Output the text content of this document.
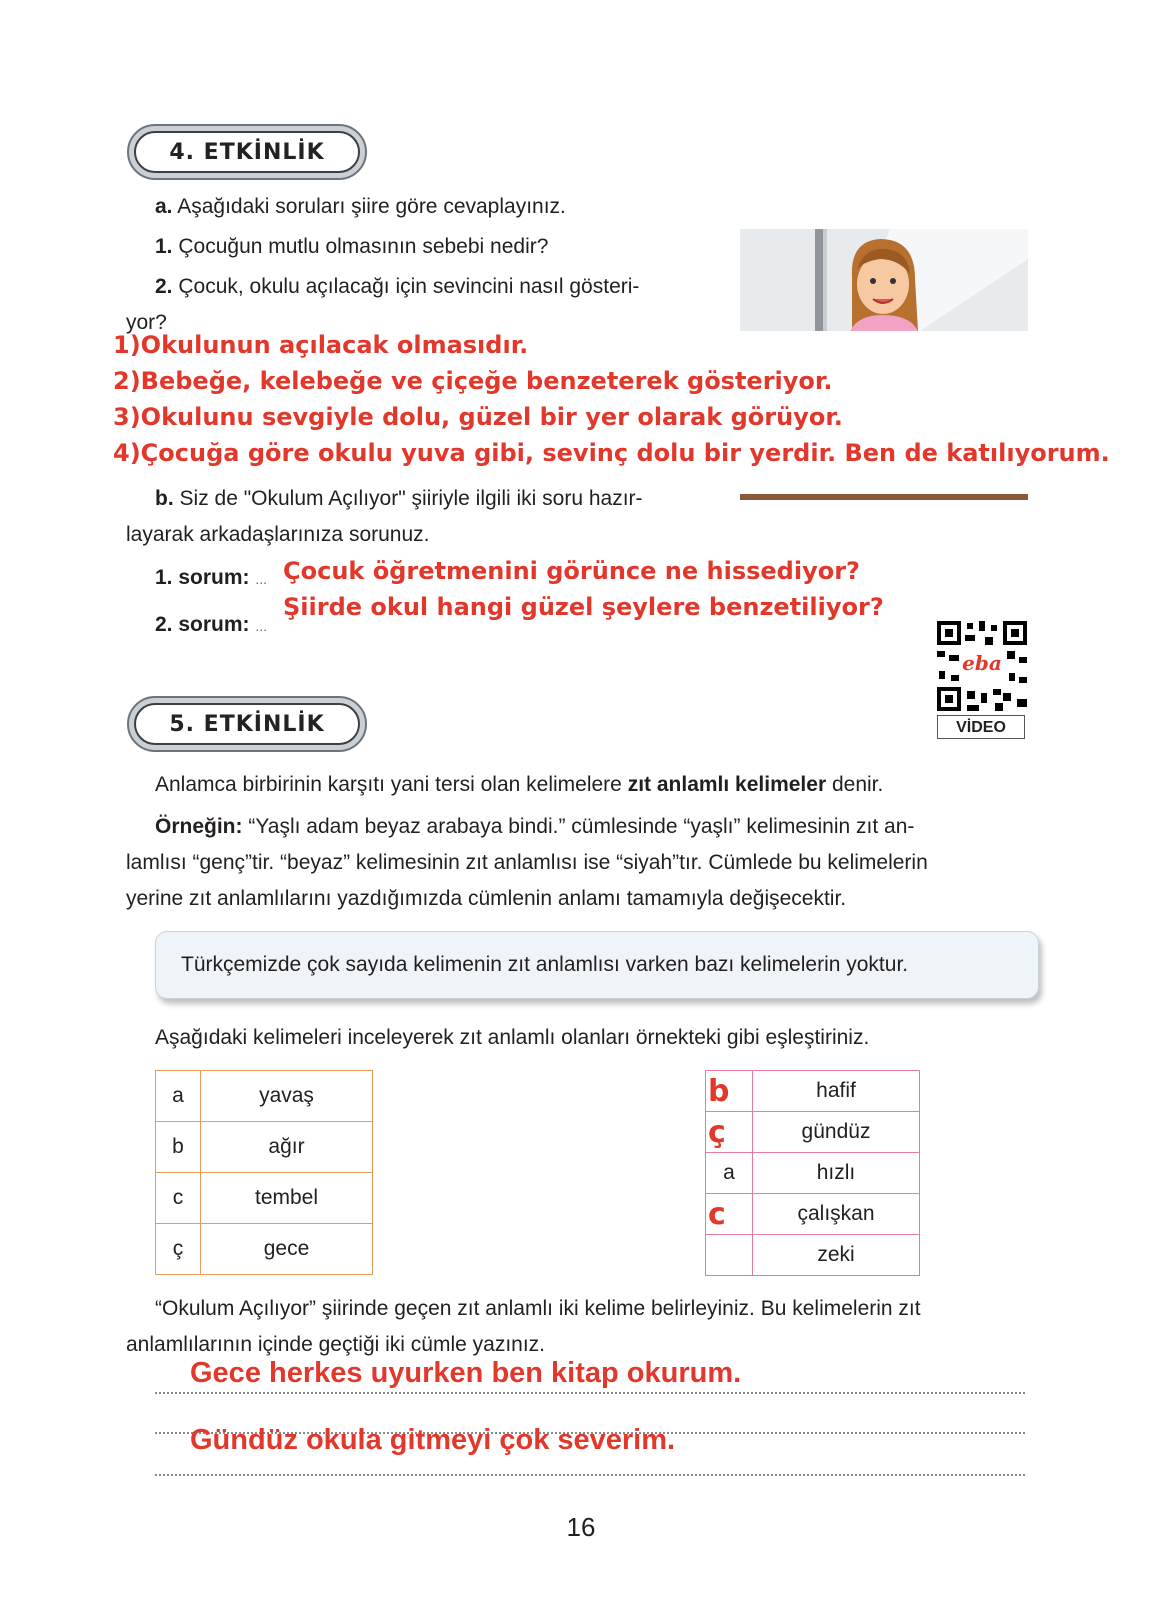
4. ETKİNLİK
a. Aşağıdaki soruları şiire göre cevaplayınız.
1. Çocuğun mutlu olmasının sebebi nedir?
2. Çocuk, okulu açılacağı için sevincini nasıl gösteri-
yor?
1)Okulunun açılacak olmasıdır.
2)Bebeğe, kelebeğe ve çiçeğe benzeterek gösteriyor.
3)Okulunu sevgiyle dolu, güzel bir yer olarak görüyor.
4)Çocuğa göre okulu yuva gibi, sevinç dolu bir yerdir. Ben de katılıyorum.
b. Siz de "Okulum Açılıyor" şiiriyle ilgili iki soru hazır-
layarak arkadaşlarınıza sorunuz.
1. sorum: ... Çocuk öğretmenini görünce ne hissediyor?
2. sorum: ...
Şiirde okul hangi güzel şeylere benzetiliyor?
eba
VİDEO
5. ETKİNLİK
Anlamca birbirinin karşıtı yani tersi olan kelimelere zıt anlamlı kelimeler denir.
Örneğin: “Yaşlı adam beyaz arabaya bindi.” cümlesinde “yaşlı” kelimesinin zıt an-
lamlısı “genç”tir. “beyaz” kelimesinin zıt anlamlısı ise “siyah”tır. Cümlede bu kelimelerin
yerine zıt anlamlılarını yazdığımızda cümlenin anlamı tamamıyla değişecektir.
Türkçemizde çok sayıda kelimenin zıt anlamlısı varken bazı kelimelerin yoktur.
Aşağıdaki kelimeleri inceleyerek zıt anlamlı olanları örnekteki gibi eşleştiriniz.
a	yavaş
b	ağır
c	tembel
ç	gece
b	hafif
ç	gündüz
a	hızlı
c	çalışkan
	zeki
“Okulum Açılıyor” şiirinde geçen zıt anlamlı iki kelime belirleyiniz. Bu kelimelerin zıt
anlamlılarının içinde geçtiği iki cümle yazınız.
Gece herkes uyurken ben kitap okurum.
Gündüz okula gitmeyi çok severim.
16
